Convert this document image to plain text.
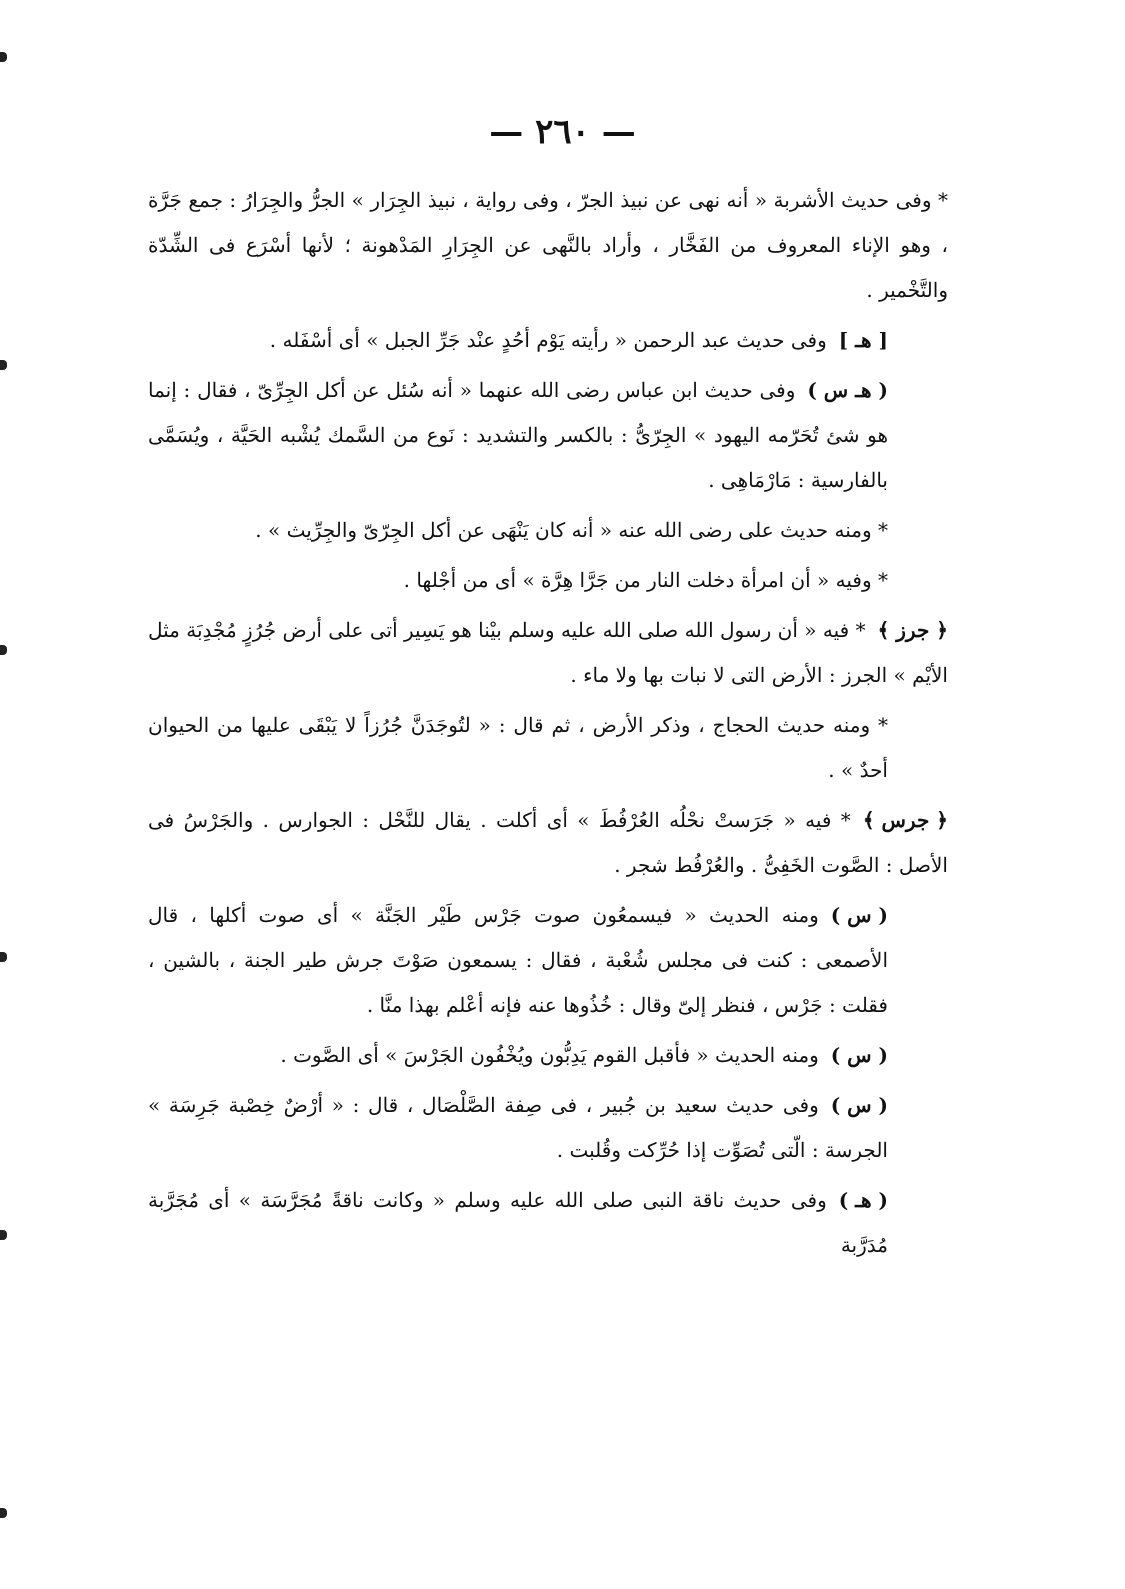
— ٢٦٠ —

* وفى حديث الأشربة « أنه نهى عن نبيذ الجرّ ، وفى رواية ، نبيذ الجِرَار » الجرُّ والجِرَارُ : جمع جَرَّة ، وهو الإناء المعروف من الفَخَّار ، وأراد بالنَّهى عن الجِرَارِ المَدْهونة ؛ لأنها أسْرَع فى الشِّدّة والتَّخْمير .

[ هـ ]وفى حديث عبد الرحمن « رأيته يَوْم أحُدٍ عنْد جَرِّ الجبل » أى أسْفَله .

( هـ س )وفى حديث ابن عباس رضى الله عنهما « أنه سُئل عن أكل الجِرِّىّ ، فقال : إنما هو شئ تُحَرّمه اليهود » الجِرّىُّ : بالكسر والتشديد : نَوع من السَّمك يُشْبه الحَيَّة ، ويُسَمَّى بالفارسية : مَارْمَاهِى .

* ومنه حديث على رضى الله عنه « أنه كان يَنْهَى عن أكل الجِرّىّ والجِرِّيث » .

* وفيه « أن امرأة دخلت النار من جَرَّا هِرَّة » أى من أجْلها .

﴿ جرز ﴾* فيه « أن رسول الله صلى الله عليه وسلم بيْنا هو يَسِير أتى على أرض جُرُزٍ مُجْدِبَة مثل الأيْم » الجرز : الأرض التى لا نبات بها ولا ماء .

* ومنه حديث الحجاج ، وذكر الأرض ، ثم قال : « لتُوجَدَنَّ جُرُزاً لا يَبْقَى عليها من الحيوان أحدٌ » .

﴿ جرس ﴾* فيه « جَرَستْ نحْلُه العُرْفُطَ » أى أكلت . يقال للنَّحْل : الجوارس . والجَرْسُ فى الأصل : الصَّوت الخَفِىُّ . والعُرْفُط شجر .

( س )ومنه الحديث « فيسمعُون صوت جَرْس طَيْر الجَنَّة » أى صوت أكلها ، قال الأصمعى : كنت فى مجلس شُعْبة ، فقال : يسمعون صَوْتَ جرش طير الجنة ، بالشين ، فقلت : جَرْس ، فنظر إلىّ وقال : خُذُوها عنه فإنه أعْلم بهذا منَّا .

( س )ومنه الحديث « فأقبل القوم يَدِبُّون ويُخْفُون الجَرْسَ » أى الصَّوت .

( س )وفى حديث سعيد بن جُبير ، فى صِفة الصَّلْصَال ، قال : « أرْضٌ خِصْبة جَرِسَة » الجرسة : الّتى تُصَوِّت إذا حُرِّكت وقُلبت .

( هـ )وفى حديث ناقة النبى صلى الله عليه وسلم « وكانت ناقةً مُجَرَّسَة » أى مُجَرَّبة مُدَرَّبة
